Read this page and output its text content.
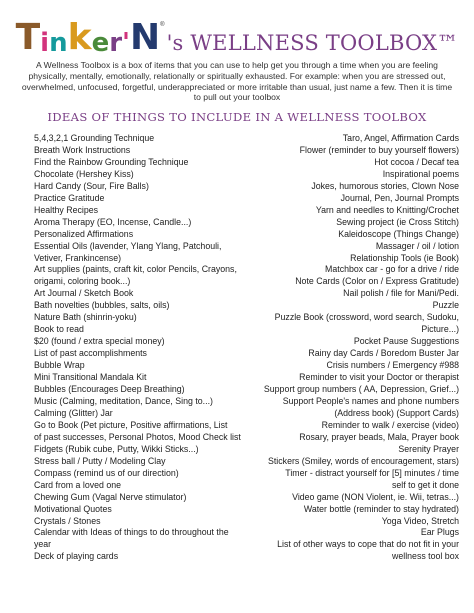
T i n k e r ' N ®
's WELLNESS TOOLBOX™
A Wellness Toolbox is a box of items that you can use to help get you through a time when you are feeling physically, mentally, emotionally, relationally or spiritually exhausted. For example: when you are stressed out, overwhelmed, unfocused, forgetful, underappreciated or more irritable than usual, just name a few. Then it is time to pull out your toolbox
IDEAS OF THINGS TO INCLUDE IN A WELLNESS TOOLBOX
5,4,3,2,1 Grounding Technique
Breath Work Instructions
Find the Rainbow Grounding Technique
Chocolate (Hershey Kiss)
Hard Candy (Sour, Fire Balls)
Practice Gratitude
Healthy Recipes
Aroma Therapy (EO, Incense, Candle...)
Personalized Affirmations
Essential Oils (lavender, Ylang Ylang, Patchouli,
Vetiver, Frankincense)
Art supplies (paints, craft kit, color Pencils, Crayons,
origami, coloring book...)
Art Journal / Sketch Book
Bath novelties (bubbles, salts, oils)
Nature Bath (shinrin-yoku)
Book to read
$20 (found / extra special money)
List of past accomplishments
Bubble Wrap
Mini Transitional Mandala Kit
Bubbles (Encourages Deep Breathing)
Music (Calming, meditation, Dance, Sing to...)
Calming (Glitter) Jar
Go to Book (Pet picture, Positive affirmations, List
of past successes, Personal Photos, Mood Check list
Fidgets (Rubik cube, Putty, Wikki Sticks...)
Stress ball / Putty / Modeling Clay
Compass (remind us of our direction)
Card from a loved one
Chewing Gum (Vagal Nerve stimulator)
Motivational Quotes
Crystals / Stones
Calendar with Ideas of things to do throughout the
year
Deck of playing cards
Taro, Angel, Affirmation Cards
Flower (reminder to buy yourself flowers)
Hot cocoa / Decaf tea
Inspirational poems
Jokes, humorous stories, Clown Nose
Journal, Pen, Journal Prompts
Yarn and needles to Knitting/Crochet
Sewing project (ie Cross Stitch)
Kaleidoscope (Things Change)
Massager / oil / lotion
Relationship Tools (ie Book)
Matchbox car - go for a drive / ride
Note Cards (Color on / Express Gratitude)
Nail polish / file for Mani/Pedi.
Puzzle
Puzzle Book (crossword, word search, Sudoku,
Picture...)
Pocket Pause Suggestions
Rainy day Cards / Boredom Buster Jar
Crisis numbers / Emergency #988
Reminder to visit your Doctor or therapist
Support group numbers ( AA, Depression, Grief...)
Support People's names and phone numbers
(Address book) (Support Cards)
Reminder to walk / exercise (video)
Rosary, prayer beads, Mala, Prayer book
Serenity Prayer
Stickers (Smiley, words of encouragement, stars)
Timer - distract yourself for [5] minutes / time
self to get it done
Video game (NON Violent, ie. Wii, tetras...)
Water bottle (reminder to stay hydrated)
Yoga Video, Stretch
Ear Plugs
List of other ways to cope that do not fit in your
wellness tool box
